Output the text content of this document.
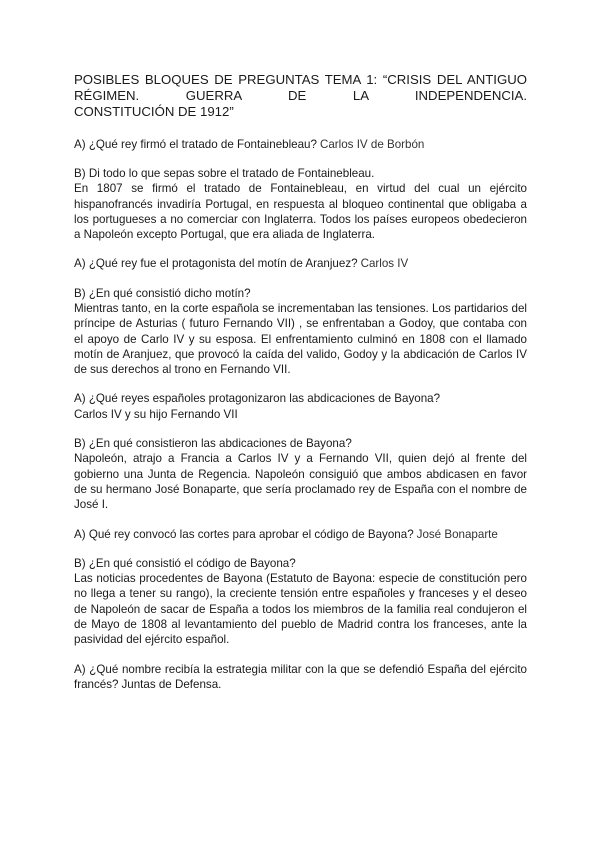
POSIBLES BLOQUES DE PREGUNTAS TEMA 1: “CRISIS DEL ANTIGUO RÉGIMEN. GUERRA DE LA INDEPENDENCIA.
CONSTITUCIÓN DE 1912”

A) ¿Qué rey firmó el tratado de Fontainebleau? Carlos IV de Borbón

B) Di todo lo que sepas sobre el tratado de Fontainebleau.

En 1807 se firmó el tratado de Fontainebleau, en virtud del cual un ejército hispanofrancés invadiría Portugal, en respuesta al bloqueo continental que obligaba a los portugueses a no comerciar con Inglaterra. Todos los países europeos obedecieron a Napoleón excepto Portugal, que era aliada de Inglaterra.

A) ¿Qué rey fue el protagonista del motín de Aranjuez? Carlos IV

B) ¿En qué consistió dicho motín?

Mientras tanto, en la corte española se incrementaban las tensiones. Los partidarios del príncipe de Asturias ( futuro Fernando VII) , se enfrentaban a Godoy, que contaba con el apoyo de Carlo IV y su esposa. El enfrentamiento culminó en 1808 con el llamado motín de Aranjuez, que provocó la caída del valido, Godoy y la abdicación de Carlos IV de sus derechos al trono en Fernando VII.

A) ¿Qué reyes españoles protagonizaron las abdicaciones de Bayona?

Carlos IV y su hijo Fernando VII

B) ¿En qué consistieron las abdicaciones de Bayona?

Napoleón, atrajo a Francia a Carlos IV y a Fernando VII, quien dejó al frente del gobierno una Junta de Regencia. Napoleón consiguió que ambos abdicasen en favor de su hermano José Bonaparte, que sería proclamado rey de España con el nombre de José I.

A) Qué rey convocó las cortes para aprobar el código de Bayona? José Bonaparte

B) ¿En qué consistió el código de Bayona?

Las noticias procedentes de Bayona (Estatuto de Bayona: especie de constitución pero no llega a tener su rango), la creciente tensión entre españoles y franceses y el deseo de Napoleón de sacar de España a todos los miembros de la familia real condujeron el de Mayo de 1808 al levantamiento del pueblo de Madrid contra los franceses, ante la pasividad del ejército español.

A) ¿Qué nombre recibía la estrategia militar con la que se defendió España del ejército francés? Juntas de Defensa.
